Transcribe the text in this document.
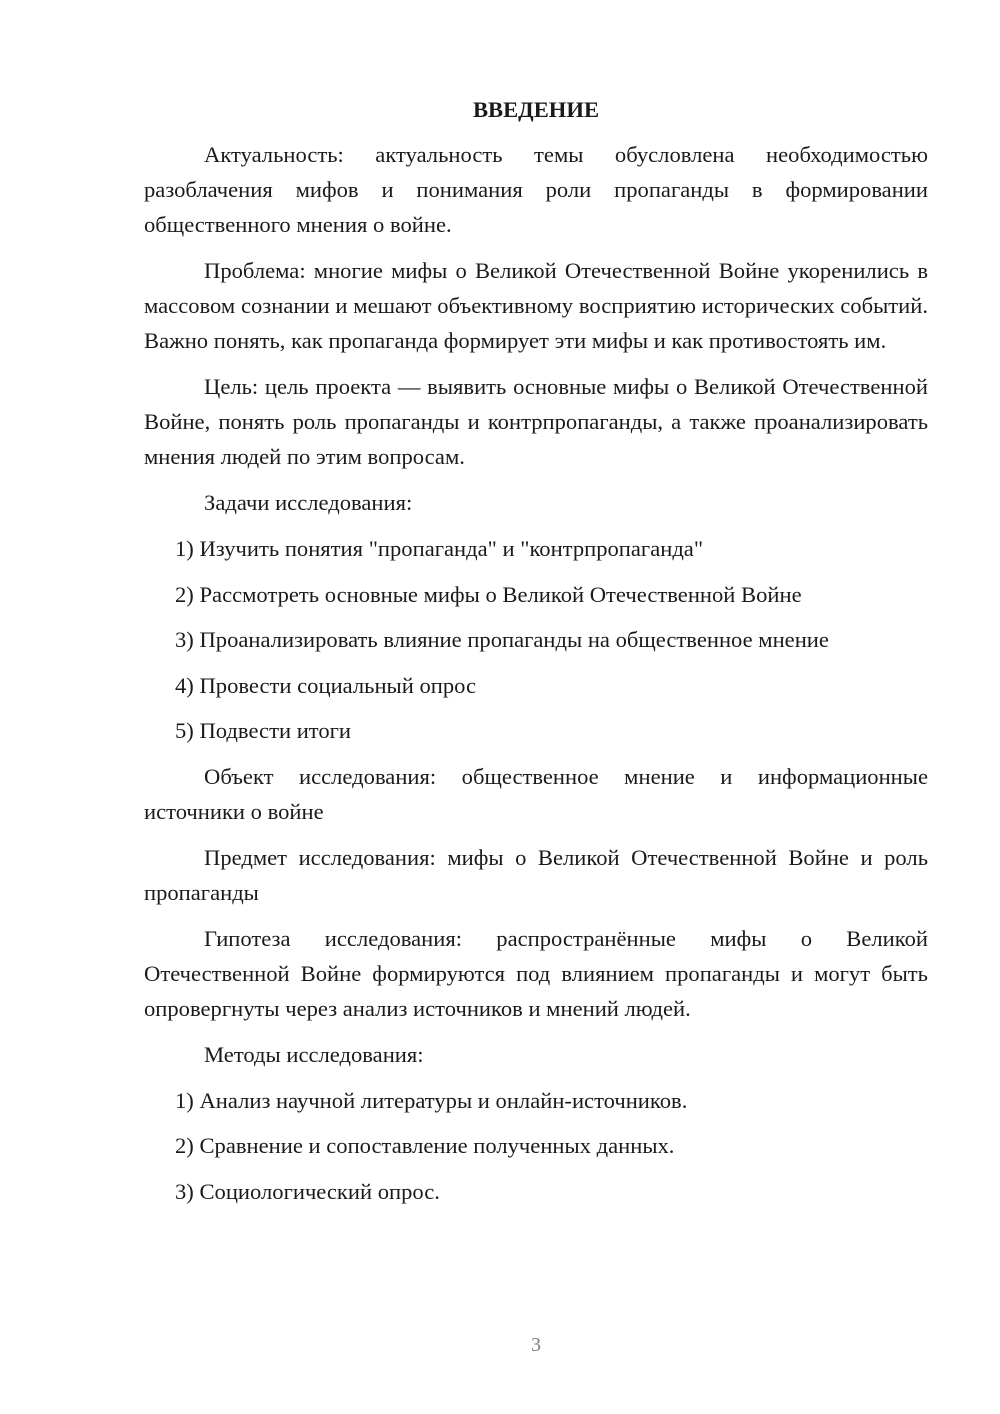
ВВЕДЕНИЕ

Актуальность: актуальность темы обусловлена необходимостью разоблачения мифов и понимания роли пропаганды в формировании общественного мнения о войне.

Проблема: многие мифы о Великой Отечественной Войне укоренились в массовом сознании и мешают объективному восприятию исторических событий. Важно понять, как пропаганда формирует эти мифы и как противостоять им.

Цель: цель проекта — выявить основные мифы о Великой Отечественной Войне, понять роль пропаганды и контрпропаганды, а также проанализировать мнения людей по этим вопросам.

Задачи исследования:

1) Изучить понятия "пропаганда" и "контрпропаганда"
2) Рассмотреть основные мифы о Великой Отечественной Войне
3) Проанализировать влияние пропаганды на общественное мнение
4) Провести социальный опрос
5) Подвести итоги

Объект исследования: общественное мнение и информационные источники о войне

Предмет исследования: мифы о Великой Отечественной Войне и роль пропаганды

Гипотеза исследования: распространённые мифы о Великой Отечественной Войне формируются под влиянием пропаганды и могут быть опровергнуты через анализ источников и мнений людей.

Методы исследования:

1) Анализ научной литературы и онлайн-источников.
2) Сравнение и сопоставление полученных данных.
3) Социологический опрос.
3
